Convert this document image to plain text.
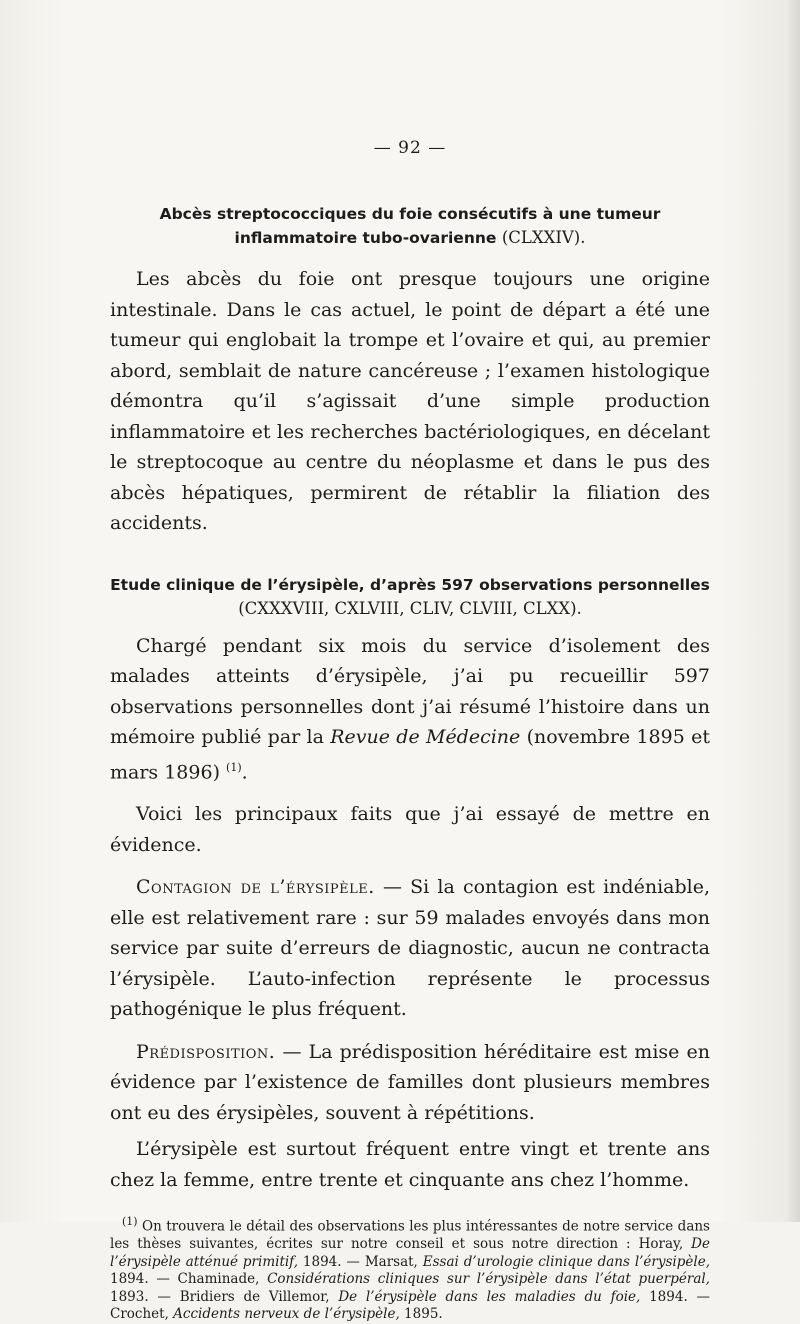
— 92 —
Abcès streptococciques du foie consécutifs à une tumeur
inflammatoire tubo-ovarienne (CLXXIV).

Les abcès du foie ont presque toujours une origine intestinale. Dans le cas actuel, le point de départ a été une tumeur qui englobait la trompe et l’ovaire et qui, au premier abord, semblait de nature cancéreuse ; l’examen histologique démontra qu’il s’agissait d’une simple production inflammatoire et les recherches bactériologiques, en décelant le streptocoque au centre du néoplasme et dans le pus des abcès hépatiques, permirent de rétablir la filiation des accidents.

Etude clinique de l’érysipèle, d’après 597 observations personnelles
(CXXXVIII, CXLVIII, CLIV, CLVIII, CLXX).

Chargé pendant six mois du service d’isolement des malades atteints d’érysipèle, j’ai pu recueillir 597 observations personnelles dont j’ai résumé l’histoire dans un mémoire publié par la Revue de Médecine (novembre 1895 et mars 1896) $^{(1)}$.

Voici les principaux faits que j’ai essayé de mettre en évidence.

Contagion de l’érysipèle. — Si la contagion est indéniable, elle est relativement rare : sur 59 malades envoyés dans mon service par suite d’erreurs de diagnostic, aucun ne contracta l’érysipèle. L’auto-infection représente le processus pathogénique le plus fréquent.

Prédisposition. — La prédisposition héréditaire est mise en évidence par l’existence de familles dont plusieurs membres ont eu des érysipèles, souvent à répétitions.

L’érysipèle est surtout fréquent entre vingt et trente ans chez la femme, entre trente et cinquante ans chez l’homme.

$^{(1)}$ On trouvera le détail des observations les plus intéressantes de notre service dans les thèses suivantes, écrites sur notre conseil et sous notre direction : Horay, De l’érysipèle atténué primitif, 1894. — Marsat, Essai d’urologie clinique dans l’érysipèle, 1894. — Chaminade, Considérations cliniques sur l’érysipèle dans l’état puerpéral, 1893. — Bridiers de Villemor, De l’érysipèle dans les maladies du foie, 1894. — Crochet, Accidents nerveux de l’érysipèle, 1895.
